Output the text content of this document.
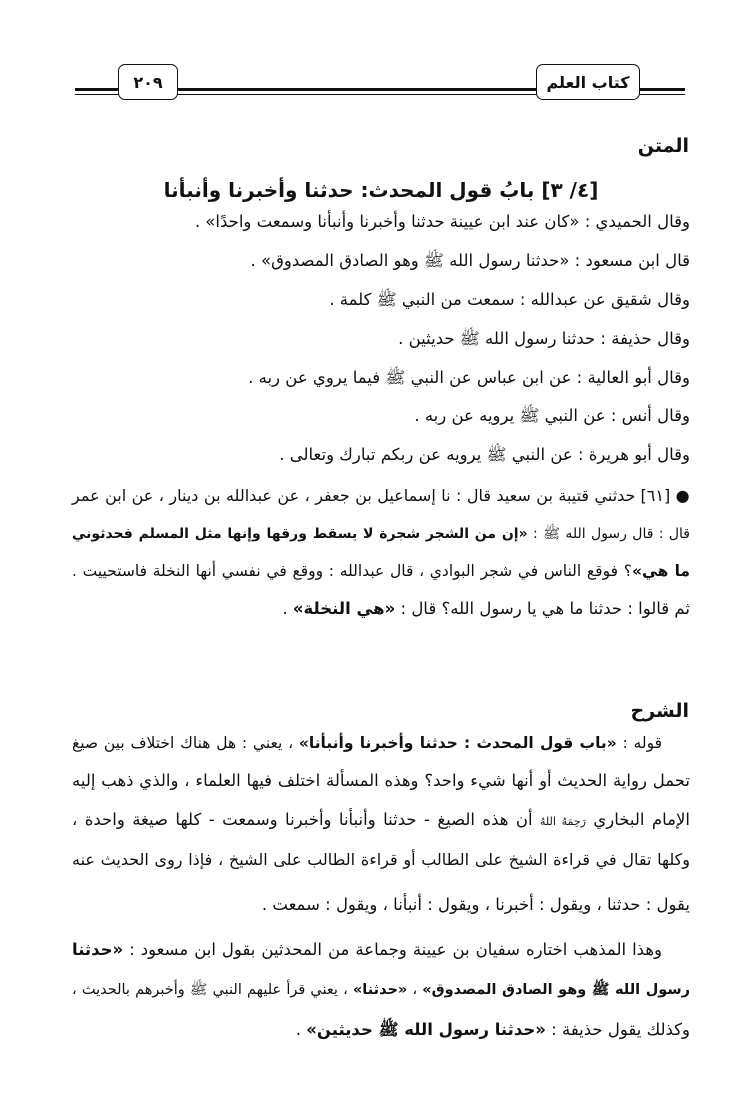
٢٠٩	كتاب العلم
المتن
[٤/ ٣] بابُ قول المحدث: حدثنا وأخبرنا وأنبأنا
الشرح
وقال الحميدي : «كان عند ابن عيينة حدثنا وأخبرنا وأنبأنا وسمعت واحدًا» .
قال ابن مسعود : «حدثنا رسول الله ﷺ وهو الصادق المصدوق» .
وقال شقيق عن عبدالله : سمعت من النبي ﷺ كلمة .
وقال حذيفة : حدثنا رسول الله ﷺ حديثين .
وقال أبو العالية : عن ابن عباس عن النبي ﷺ فيما يروي عن ربه .
وقال أنس : عن النبي ﷺ يرويه عن ربه .
وقال أبو هريرة : عن النبي ﷺ يرويه عن ربكم تبارك وتعالى .
● [٦١] حدثني قتيبة بن سعيد قال : نا إسماعيل بن جعفر ، عن عبدالله بن دينار ، عن ابن عمر
قال : قال رسول الله ﷺ : «إن من الشجر شجرة لا يسقط ورقها وإنها مثل المسلم فحدثوني
ما هي»؟ فوقع الناس في شجر البوادي ، قال عبدالله : ووقع في نفسي أنها النخلة فاستحييت .
ثم قالوا : حدثنا ما هي يا رسول الله؟ قال : «هي النخلة» .
قوله : «باب قول المحدث : حدثنا وأخبرنا وأنبأنا» ، يعني : هل هناك اختلاف بين صيغ
تحمل رواية الحديث أو أنها شيء واحد؟ وهذه المسألة اختلف فيها العلماء ، والذي ذهب إليه
الإمام البخاري رَحِمَهُ اللهُ أن هذه الصيغ - حدثنا وأنبأنا وأخبرنا وسمعت - كلها صيغة واحدة ،
وكلها تقال في قراءة الشيخ على الطالب أو قراءة الطالب على الشيخ ، فإذا روى الحديث عنه
يقول : حدثنا ، ويقول : أخبرنا ، ويقول : أنبأنا ، ويقول : سمعت .
وهذا المذهب اختاره سفيان بن عيينة وجماعة من المحدثين بقول ابن مسعود : «حدثنا
رسول الله ﷺ وهو الصادق المصدوق» ، «حدثنا» ، يعني قرأ عليهم النبي ﷺ وأخبرهم بالحديث ،
وكذلك يقول حذيفة : «حدثنا رسول الله ﷺ حديثين» .
